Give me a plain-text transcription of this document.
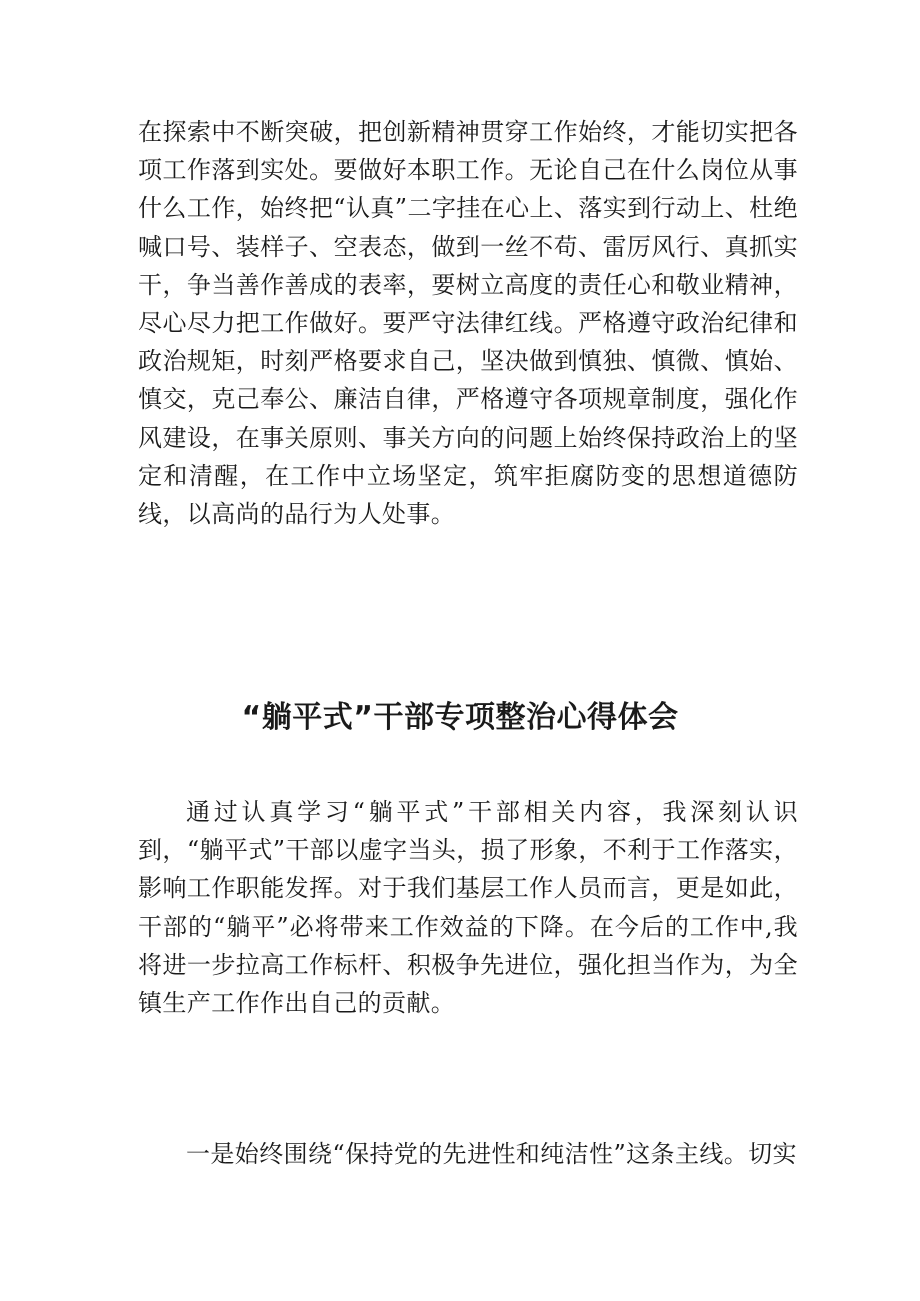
在探索中不断突破，把创新精神贯穿工作始终，才能切实把各项工作落到实处。要做好本职工作。无论自己在什么岗位从事什么工作，始终把“认真”二字挂在心上、落实到行动上、杜绝喊口号、装样子、空表态，做到一丝不苟、雷厉风行、真抓实干，争当善作善成的表率，要树立高度的责任心和敬业精神，尽心尽力把工作做好。要严守法律红线。严格遵守政治纪律和政治规矩，时刻严格要求自己，坚决做到慎独、慎微、慎始、慎交，克己奉公、廉洁自律，严格遵守各项规章制度，强化作风建设，在事关原则、事关方向的问题上始终保持政治上的坚定和清醒，在工作中立场坚定，筑牢拒腐防变的思想道德防线，以高尚的品行为人处事。

“躺平式”干部专项整治心得体会

通过认真学习“躺平式”干部相关内容，我深刻认识到，“躺平式”干部以虚字当头，损了形象，不利于工作落实，影响工作职能发挥。对于我们基层工作人员而言，更是如此，干部的“躺平”必将带来工作效益的下降。在今后的工作中,我将进一步拉高工作标杆、积极争先进位，强化担当作为，为全镇生产工作作出自己的贡献。

一是始终围绕“保持党的先进性和纯洁性”这条主线。切实
